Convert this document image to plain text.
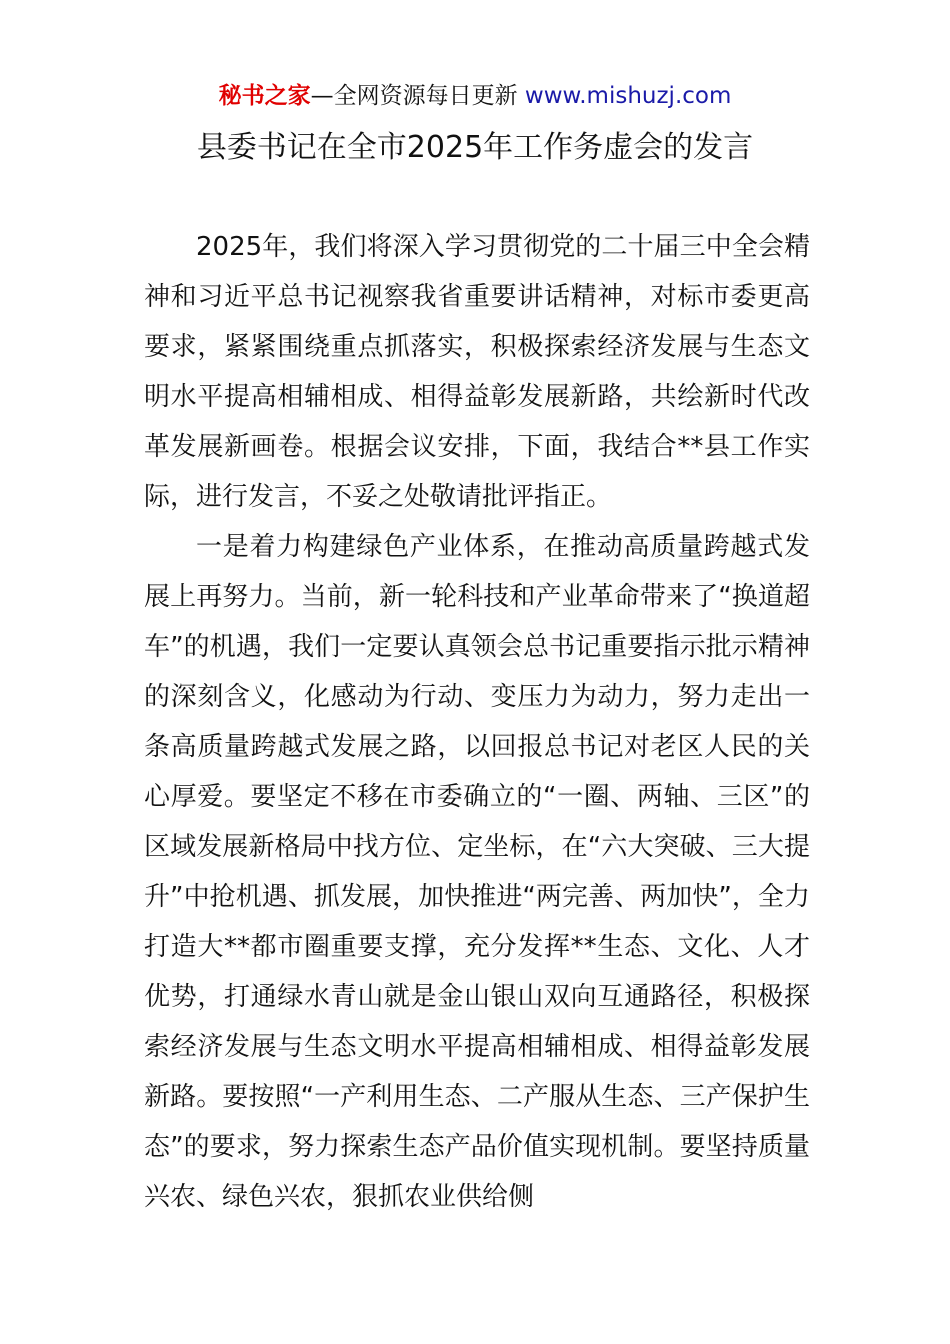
秘书之家—全网资源每日更新 www.mishuzj.com
县委书记在全市2025年工作务虚会的发言

2025年，我们将深入学习贯彻党的二十届三中全会精神和习近平总书记视察我省重要讲话精神，对标市委更高要求，紧紧围绕重点抓落实，积极探索经济发展与生态文明水平提高相辅相成、相得益彰发展新路，共绘新时代改革发展新画卷。根据会议安排，下面，我结合**县工作实际，进行发言，不妥之处敬请批评指正。

一是着力构建绿色产业体系，在推动高质量跨越式发展上再努力。当前，新一轮科技和产业革命带来了“换道超车”的机遇，我们一定要认真领会总书记重要指示批示精神的深刻含义，化感动为行动、变压力为动力，努力走出一条高质量跨越式发展之路，以回报总书记对老区人民的关心厚爱。要坚定不移在市委确立的“一圈、两轴、三区”的区域发展新格局中找方位、定坐标，在“六大突破、三大提升”中抢机遇、抓发展，加快推进“两完善、两加快”，全力打造大**都市圈重要支撑，充分发挥**生态、文化、人才优势，打通绿水青山就是金山银山双向互通路径，积极探索经济发展与生态文明水平提高相辅相成、相得益彰发展新路。要按照“一产利用生态、二产服从生态、三产保护生态”的要求，努力探索生态产品价值实现机制。要坚持质量兴农、绿色兴农，狠抓农业供给侧
